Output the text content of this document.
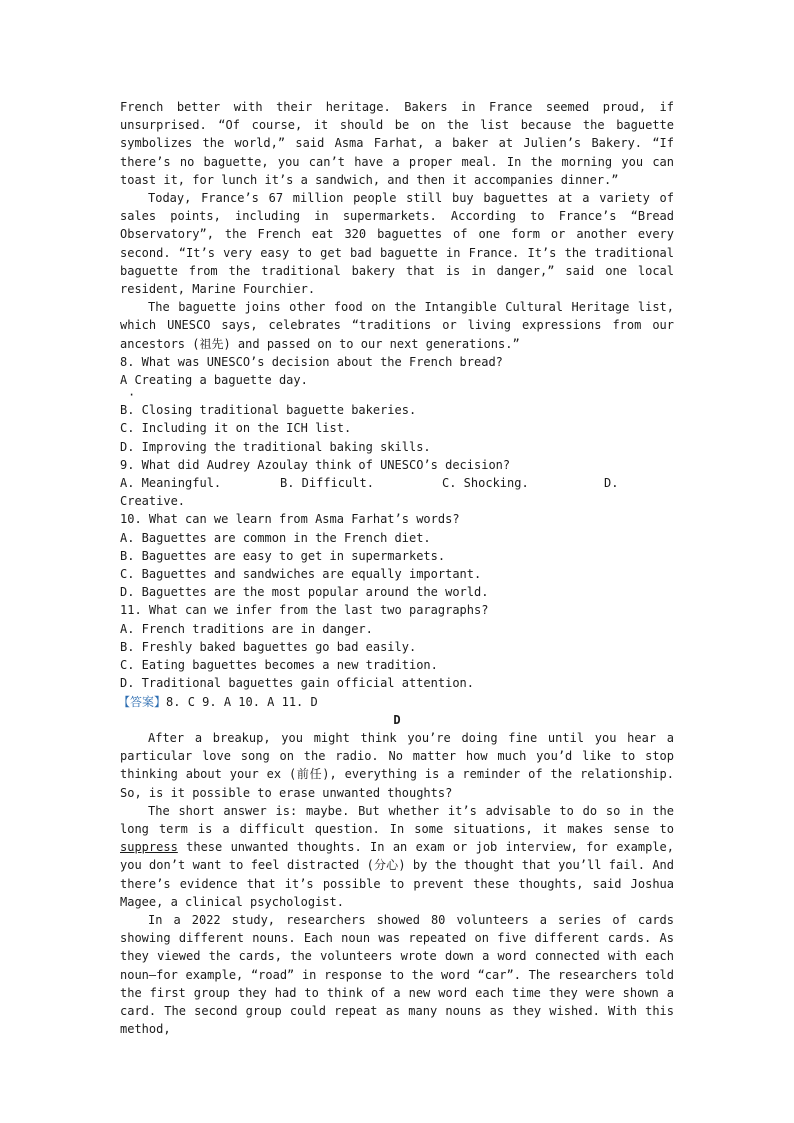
French better with their heritage. Bakers in France seemed proud, if unsurprised. “Of course, it should be on the list because the baguette symbolizes the world,” said Asma Farhat, a baker at Julien’s Bakery. “If there’s no baguette, you can’t have a proper meal. In the morning you can toast it, for lunch it’s a sandwich, and then it accompanies dinner.”

Today, France’s 67 million people still buy baguettes at a variety of sales points, including in supermarkets. According to France’s “Bread Observatory”, the French eat 320 baguettes of one form or another every second. “It’s very easy to get bad baguette in France. It’s the traditional baguette from the traditional bakery that is in danger,” said one local resident, Marine Fourchier.

The baguette joins other food on the Intangible Cultural Heritage list, which UNESCO says, celebrates “traditions or living expressions from our ancestors (祖先) and passed on to our next generations.”

8. What was UNESCO’s decision about the French bread?

A Creating a baguette day.

·

B. Closing traditional baguette bakeries.

C. Including it on the ICH list.

D. Improving the traditional baking skills.

9. What did Audrey Azoulay think of UNESCO’s decision?

A. Meaningful.	B. Difficult.	C. Shocking.	D.

Creative.

10. What can we learn from Asma Farhat’s words?

A. Baguettes are common in the French diet.

B. Baguettes are easy to get in supermarkets.

C. Baguettes and sandwiches are equally important.

D. Baguettes are the most popular around the world.

11. What can we infer from the last two paragraphs?

A. French traditions are in danger.

B. Freshly baked baguettes go bad easily.

C. Eating baguettes becomes a new tradition.

D. Traditional baguettes gain official attention.

【答案】8. C 9. A 10. A 11. D

D

After a breakup, you might think you’re doing fine until you hear a particular love song on the radio. No matter how much you’d like to stop thinking about your ex (前任), everything is a reminder of the relationship. So, is it possible to erase unwanted thoughts?

The short answer is: maybe. But whether it’s advisable to do so in the long term is a difficult question. In some situations, it makes sense to suppress these unwanted thoughts. In an exam or job interview, for example, you don’t want to feel distracted (分心) by the thought that you’ll fail. And there’s evidence that it’s possible to prevent these thoughts, said Joshua Magee, a clinical psychologist.

In a 2022 study, researchers showed 80 volunteers a series of cards showing different nouns. Each noun was repeated on five different cards. As they viewed the cards, the volunteers wrote down a word connected with each noun—for example, “road” in response to the word “car”. The researchers told the first group they had to think of a new word each time they were shown a card. The second group could repeat as many nouns as they wished. With this method,
